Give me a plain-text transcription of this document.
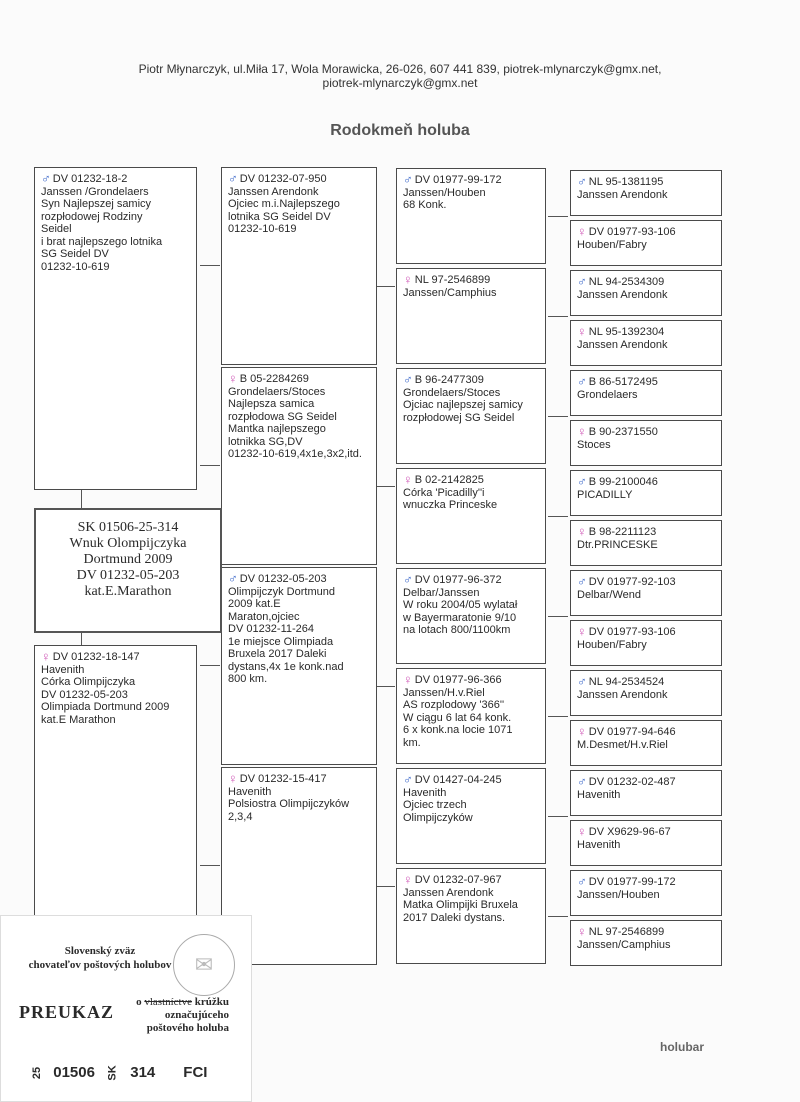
Piotr Młynarczyk, ul.Miła 17, Wola Morawicka, 26-026, 607 441 839, piotrek-mlynarczyk@gmx.net,
piotrek-mlynarczyk@gmx.net
Rodokmeň holuba
♂ DV 01232-18-2
Janssen /Grondelaers
Syn Najlepszej samicy
rozpłodowej Rodziny
Seidel
i brat najlepszego lotnika
SG Seidel DV
01232-10-619
♀ DV 01232-18-147
Havenith
Córka Olimpijczyka
DV 01232-05-203
Olimpiada Dortmund 2009
kat.E Marathon
♂ DV 01232-07-950
Janssen Arendonk
Ojciec m.i.Najlepszego
lotnika SG Seidel DV
01232-10-619
♀ B 05-2284269
Grondelaers/Stoces
Najlepsza samica
rozpłodowa SG Seidel
Mantka najlepszego
lotnikka SG,DV
01232-10-619,4x1e,3x2,itd.
♂ DV 01232-05-203
Olimpijczyk Dortmund
2009 kat.E
Maraton,ojciec
DV 01232-11-264
1e miejsce Olimpiada
Bruxela 2017 Daleki
dystans,4x 1e konk.nad
800 km.
♀ DV 01232-15-417
Havenith
Polsiostra Olimpijczyków
2,3,4
♂ DV 01977-99-172
Janssen/Houben
68 Konk.
♀ NL 97-2546899
Janssen/Camphius
♂ B 96-2477309
Grondelaers/Stoces
Ojciac najlepszej samicy
rozpłodowej SG Seidel
♀ B 02-2142825
Córka 'Picadilly''i
wnuczka Princeske
♂ DV 01977-96-372
Delbar/Janssen
W roku 2004/05 wylatał
w Bayermaratonie 9/10
na lotach 800/1100km
♀ DV 01977-96-366
Janssen/H.v.Riel
AS rozplodowy '366''
W ciągu 6 lat 64 konk.
6 x konk.na locie 1071
km.
♂ DV 01427-04-245
Havenith
Ojciec trzech
Olimpijczyków
♀ DV 01232-07-967
Janssen Arendonk
Matka Olimpijki Bruxela
2017 Daleki dystans.
♂ NL 95-1381195
Janssen Arendonk
♀ DV 01977-93-106
Houben/Fabry
♂ NL 94-2534309
Janssen Arendonk
♀ NL 95-1392304
Janssen Arendonk
♂ B 86-5172495
Grondelaers
♀ B 90-2371550
Stoces
♂ B 99-2100046
PICADILLY
♀ B 98-2211123
Dtr.PRINCESKE
♂ DV 01977-92-103
Delbar/Wend
♀ DV 01977-93-106
Houben/Fabry
♂ NL 94-2534524
Janssen Arendonk
♀ DV 01977-94-646
M.Desmet/H.v.Riel
♂ DV 01232-02-487
Havenith
♀ DV X9629-96-67
Havenith
♂ DV 01977-99-172
Janssen/Houben
♀ NL 97-2546899
Janssen/Camphius
SK 01506-25-314
Wnuk Olompijczyka
Dortmund 2009
DV 01232-05-203
kat.E.Marathon
Slovenský zväz
chovateľov poštových holubov	✉
PREUKAZ	o vlastníctve krúžku
označujúceho
poštového holuba
25 01506 SK 314 FCI
holubar
